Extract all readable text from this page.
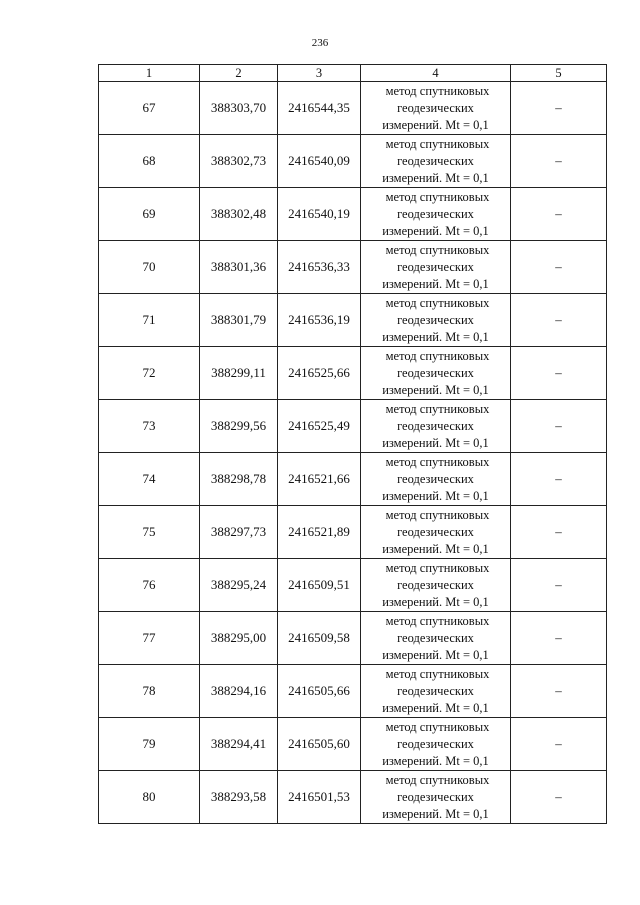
236
1	2	3	4	5
67	388303,70	2416544,35	метод спутниковых
геодезических
измерений. Mt = 0,1	–
68	388302,73	2416540,09	метод спутниковых
геодезических
измерений. Mt = 0,1	–
69	388302,48	2416540,19	метод спутниковых
геодезических
измерений. Mt = 0,1	–
70	388301,36	2416536,33	метод спутниковых
геодезических
измерений. Mt = 0,1	–
71	388301,79	2416536,19	метод спутниковых
геодезических
измерений. Mt = 0,1	–
72	388299,11	2416525,66	метод спутниковых
геодезических
измерений. Mt = 0,1	–
73	388299,56	2416525,49	метод спутниковых
геодезических
измерений. Mt = 0,1	–
74	388298,78	2416521,66	метод спутниковых
геодезических
измерений. Mt = 0,1	–
75	388297,73	2416521,89	метод спутниковых
геодезических
измерений. Mt = 0,1	–
76	388295,24	2416509,51	метод спутниковых
геодезических
измерений. Mt = 0,1	–
77	388295,00	2416509,58	метод спутниковых
геодезических
измерений. Mt = 0,1	–
78	388294,16	2416505,66	метод спутниковых
геодезических
измерений. Mt = 0,1	–
79	388294,41	2416505,60	метод спутниковых
геодезических
измерений. Mt = 0,1	–
80	388293,58	2416501,53	метод спутниковых
геодезических
измерений. Mt = 0,1	–
